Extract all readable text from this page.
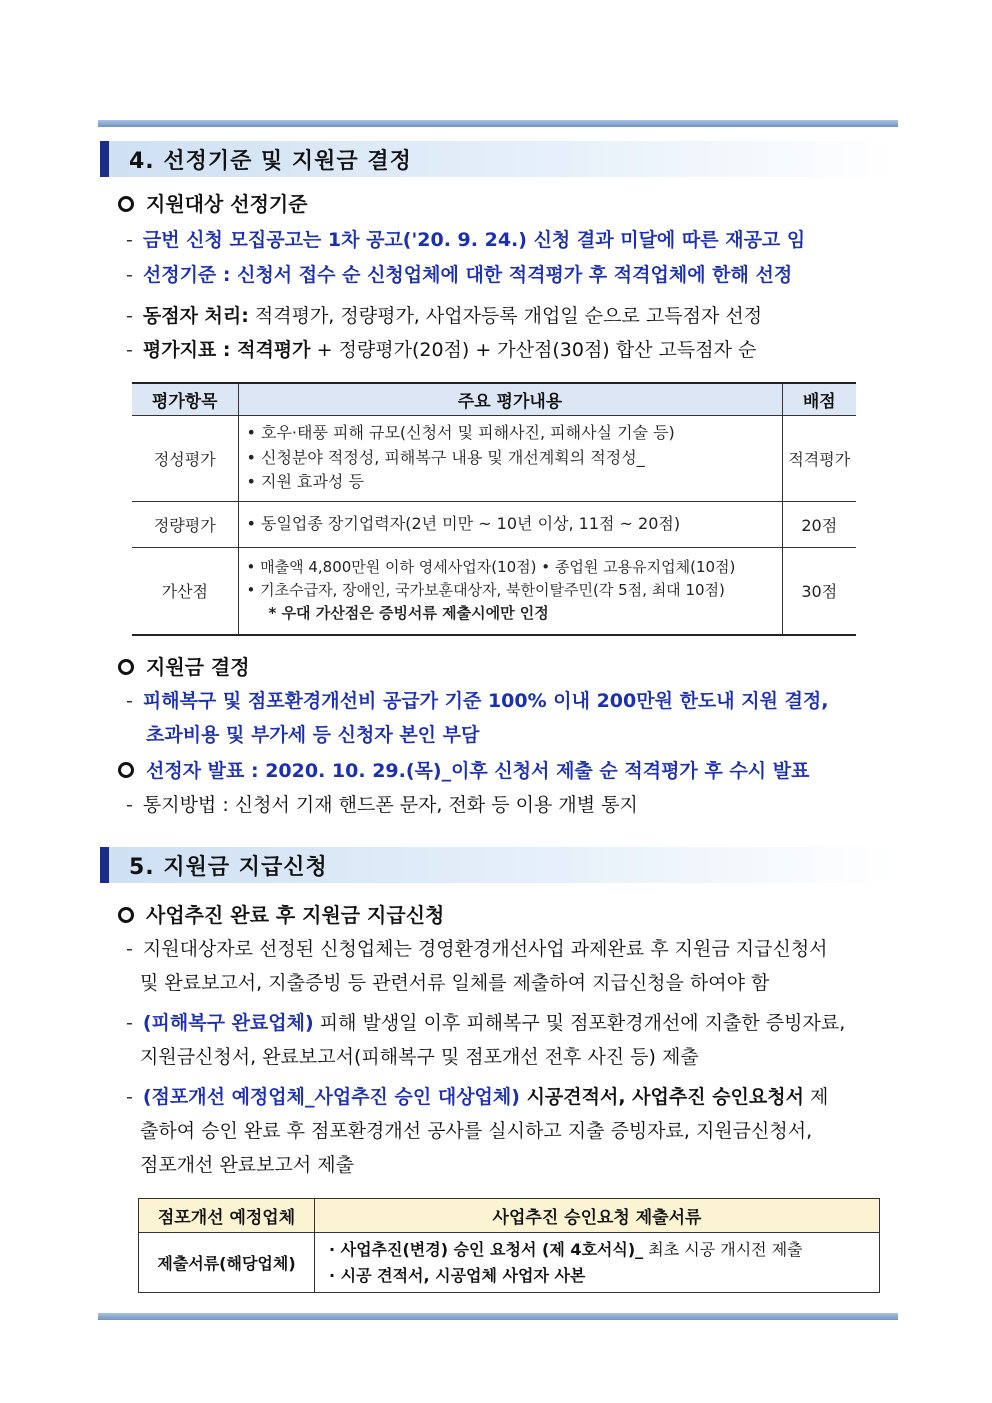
4. 선정기준 및 지원금 결정
지원대상 선정기준
- 금번 신청 모집공고는 1차 공고('20. 9. 24.) 신청 결과 미달에 따른 재공고 임
- 선정기준 : 신청서 접수 순 신청업체에 대한 적격평가 후 적격업체에 한해 선정
- 동점자 처리: 적격평가, 정량평가, 사업자등록 개업일 순으로 고득점자 선정
- 평가지표 : 적격평가 + 정량평가(20점) + 가산점(30점) 합산 고득점자 순
평가항목	주요 평가내용	배점
정성평가	• 호우·태풍 피해 규모(신청서 및 피해사진, 피해사실 기술 등)
• 신청분야 적정성, 피해복구 내용 및 개선계획의 적정성_
• 지원 효과성 등	적격평가
정량평가	• 동일업종 장기업력자(2년 미만 ~ 10년 이상, 11점 ~ 20점)	20점
가산점	• 매출액 4,800만원 이하 영세사업자(10점) • 종업원 고용유지업체(10점)
• 기초수급자, 장애인, 국가보훈대상자, 북한이탈주민(각 5점, 최대 10점)
* 우대 가산점은 증빙서류 제출시에만 인정	30점
지원금 결정
- 피해복구 및 점포환경개선비 공급가 기준 100% 이내 200만원 한도내 지원 결정,
초과비용 및 부가세 등 신청자 본인 부담
선정자 발표 : 2020. 10. 29.(목)_이후 신청서 제출 순 적격평가 후 수시 발표
- 통지방법 : 신청서 기재 핸드폰 문자, 전화 등 이용 개별 통지
5. 지원금 지급신청
사업추진 완료 후 지원금 지급신청
- 지원대상자로 선정된 신청업체는 경영환경개선사업 과제완료 후 지원금 지급신청서
및 완료보고서, 지출증빙 등 관련서류 일체를 제출하여 지급신청을 하여야 함
- (피해복구 완료업체) 피해 발생일 이후 피해복구 및 점포환경개선에 지출한 증빙자료,
지원금신청서, 완료보고서(피해복구 및 점포개선 전후 사진 등) 제출
- (점포개선 예정업체_사업추진 승인 대상업체) 시공견적서, 사업추진 승인요청서 제
출하여 승인 완료 후 점포환경개선 공사를 실시하고 지출 증빙자료, 지원금신청서,
점포개선 완료보고서 제출
점포개선 예정업체	사업추진 승인요청 제출서류
제출서류(해당업체)	· 사업추진(변경) 승인 요청서 (제 4호서식)_ 최초 시공 개시전 제출
· 시공 견적서, 시공업체 사업자 사본
